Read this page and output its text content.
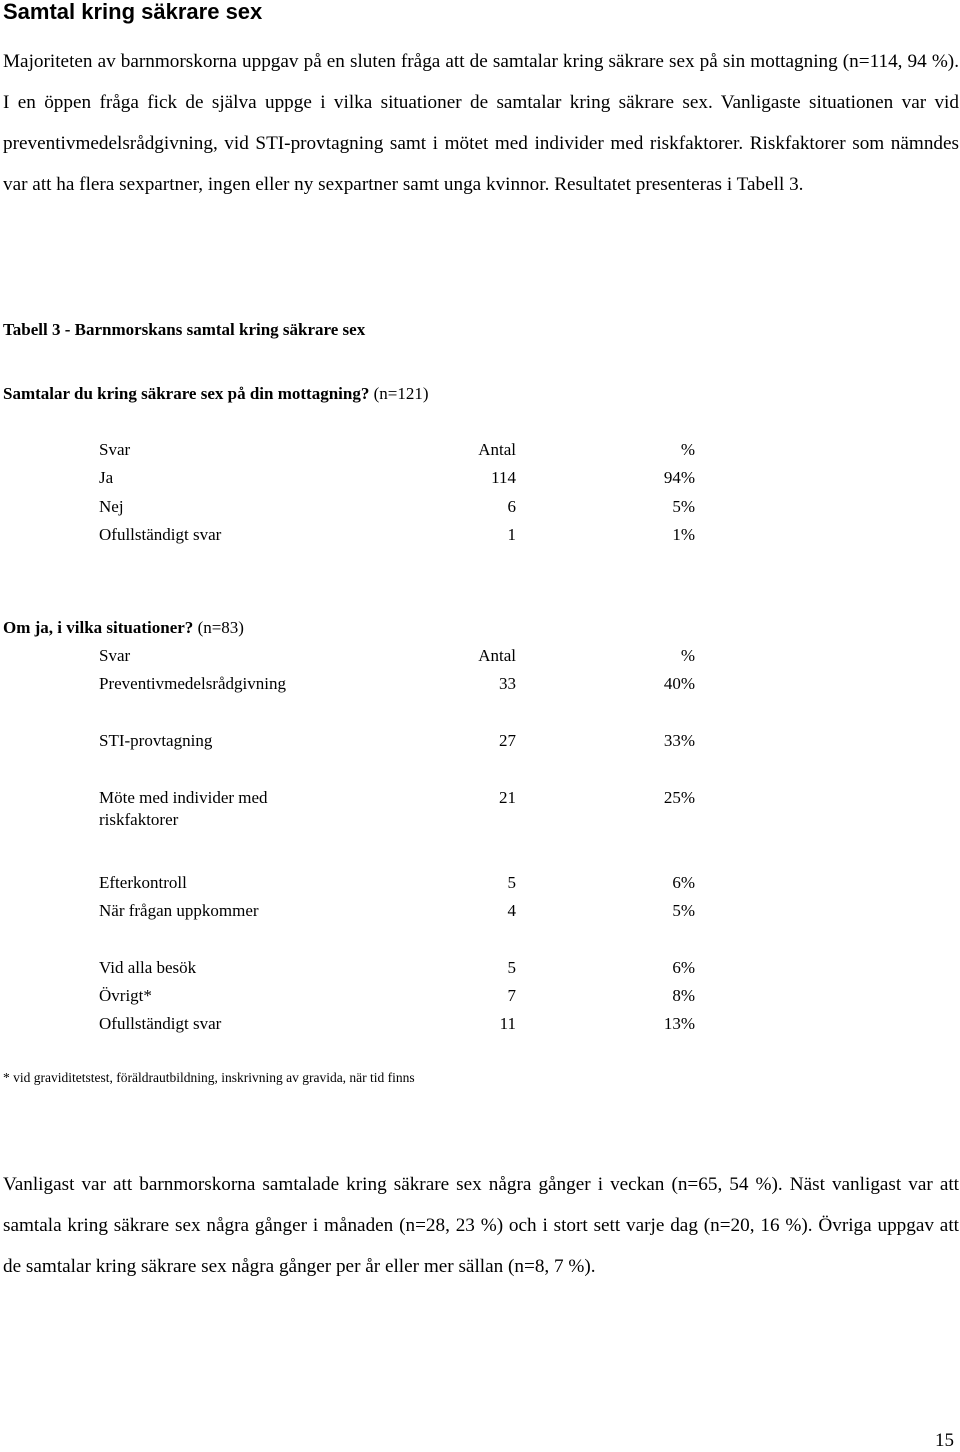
Samtal kring säkrare sex

Majoriteten av barnmorskorna uppgav på en sluten fråga att de samtalar kring säkrare sex på sin mottagning (n=114, 94 %). I en öppen fråga fick de själva uppge i vilka situationer de samtalar kring säkrare sex. Vanligaste situationen var vid preventivmedelsrådgivning, vid STI-provtagning samt i mötet med individer med riskfaktorer. Riskfaktorer som nämndes var att ha flera sexpartner, ingen eller ny sexpartner samt unga kvinnor. Resultatet presenteras i Tabell 3.

Tabell 3 - Barnmorskans samtal kring säkrare sex

Samtalar du kring säkrare sex på din mottagning? (n=121)

Svar	Antal	%
Ja	114	94%
Nej	6	5%
Ofullständigt svar	1	1%

Om ja, i vilka situationer? (n=83)

Svar	Antal	%
Preventivmedelsrådgivning	33	40%
STI-provtagning	27	33%
Möte med individer med
riskfaktorer
21	25%
Efterkontroll	5	6%
När frågan uppkommer	4	5%
Vid alla besök	5	6%
Övrigt*	7	8%
Ofullständigt svar	11	13%

* vid graviditetstest, föräldrautbildning, inskrivning av gravida, när tid finns

Vanligast var att barnmorskorna samtalade kring säkrare sex några gånger i veckan (n=65, 54 %). Näst vanligast var att samtala kring säkrare sex några gånger i månaden (n=28, 23 %) och i stort sett varje dag (n=20, 16 %). Övriga uppgav att de samtalar kring säkrare sex några gånger per år eller mer sällan (n=8, 7 %).

15
